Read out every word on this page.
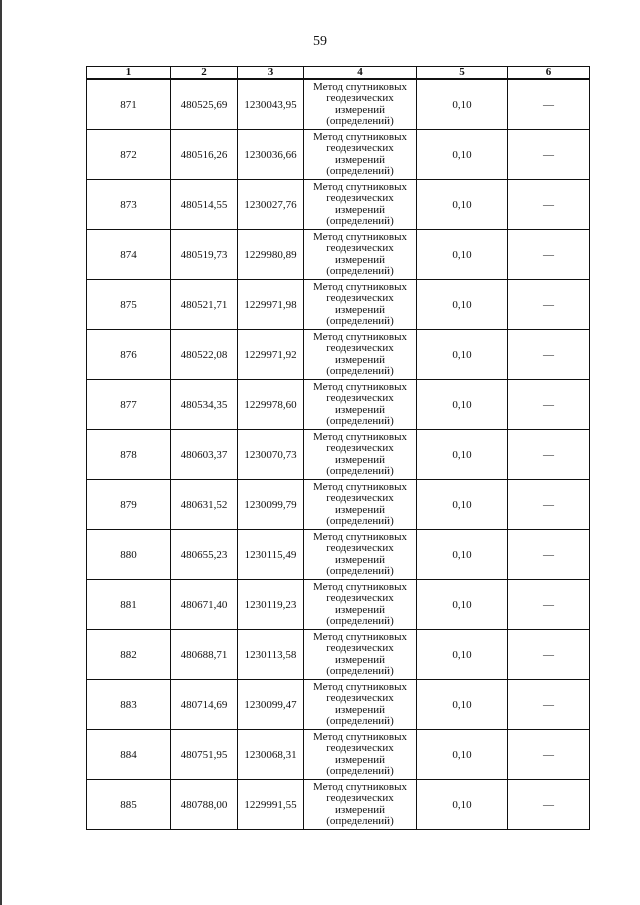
59
1	2	3	4	5	6
871	480525,69	1230043,95	Метод спутниковых
геодезических
измерений
(определений)	0,10	—
872	480516,26	1230036,66	Метод спутниковых
геодезических
измерений
(определений)	0,10	—
873	480514,55	1230027,76	Метод спутниковых
геодезических
измерений
(определений)	0,10	—
874	480519,73	1229980,89	Метод спутниковых
геодезических
измерений
(определений)	0,10	—
875	480521,71	1229971,98	Метод спутниковых
геодезических
измерений
(определений)	0,10	—
876	480522,08	1229971,92	Метод спутниковых
геодезических
измерений
(определений)	0,10	—
877	480534,35	1229978,60	Метод спутниковых
геодезических
измерений
(определений)	0,10	—
878	480603,37	1230070,73	Метод спутниковых
геодезических
измерений
(определений)	0,10	—
879	480631,52	1230099,79	Метод спутниковых
геодезических
измерений
(определений)	0,10	—
880	480655,23	1230115,49	Метод спутниковых
геодезических
измерений
(определений)	0,10	—
881	480671,40	1230119,23	Метод спутниковых
геодезических
измерений
(определений)	0,10	—
882	480688,71	1230113,58	Метод спутниковых
геодезических
измерений
(определений)	0,10	—
883	480714,69	1230099,47	Метод спутниковых
геодезических
измерений
(определений)	0,10	—
884	480751,95	1230068,31	Метод спутниковых
геодезических
измерений
(определений)	0,10	—
885	480788,00	1229991,55	Метод спутниковых
геодезических
измерений
(определений)	0,10	—
